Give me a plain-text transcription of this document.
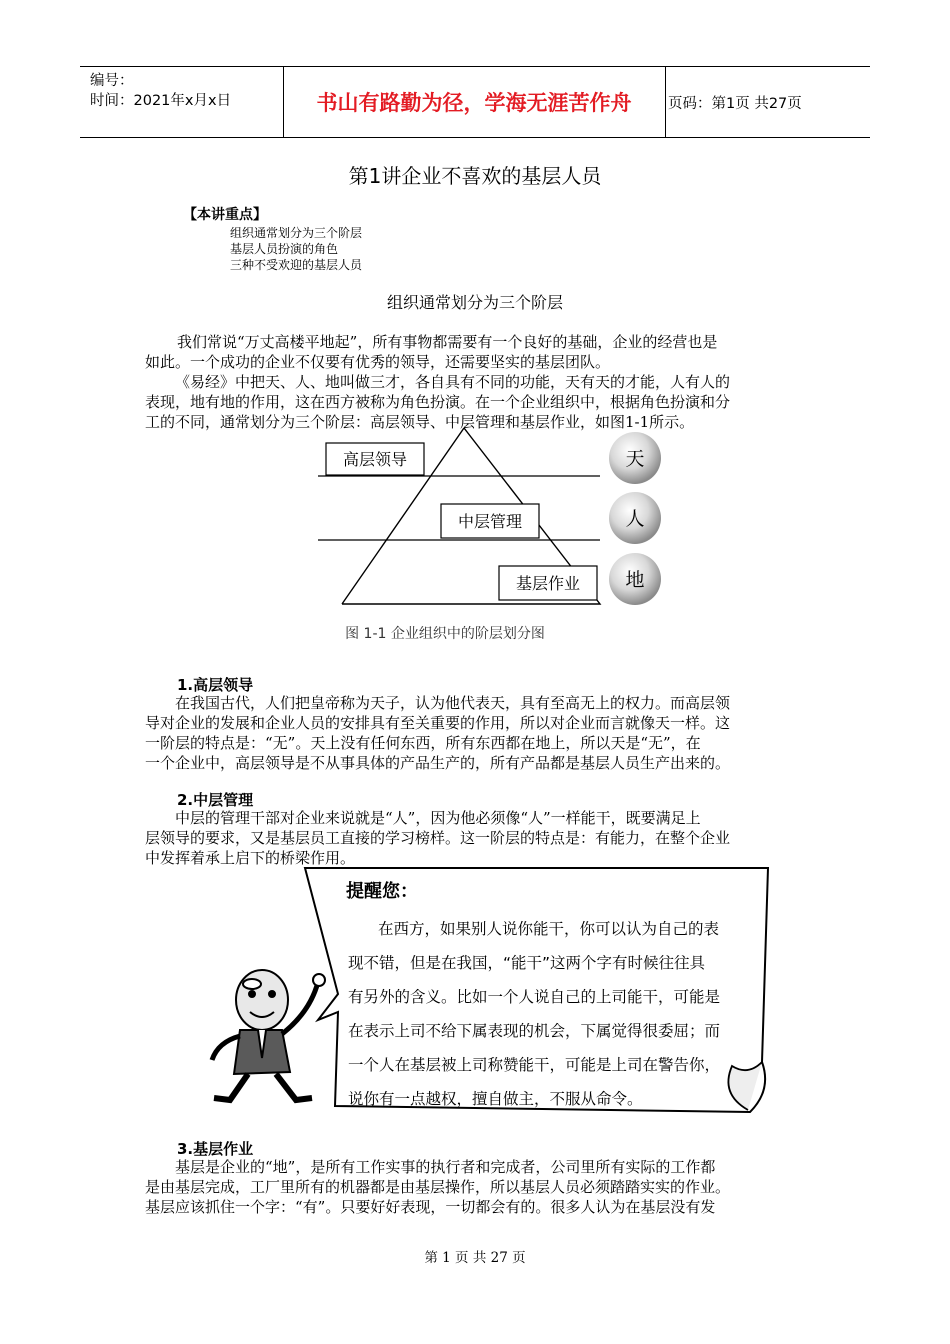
编号：
时间：2021年x月x日	书山有路勤为径，学海无涯苦作舟	页码：第1页 共27页
第1讲企业不喜欢的基层人员
【本讲重点】
组织通常划分为三个阶层
基层人员扮演的角色
三种不受欢迎的基层人员
组织通常划分为三个阶层
我们常说“万丈高楼平地起”，所有事物都需要有一个良好的基础，企业的经营也是
如此。一个成功的企业不仅要有优秀的领导，还需要坚实的基层团队。
《易经》中把天、人、地叫做三才，各自具有不同的功能，天有天的才能，人有人的
表现，地有地的作用，这在西方被称为角色扮演。在一个企业组织中，根据角色扮演和分
工的不同，通常划分为三个阶层：高层领导、中层管理和基层作业，如图1-1所示。
高层领导
中层管理
基层作业
天
人
地
图 1-1 企业组织中的阶层划分图
1.高层领导
在我国古代，人们把皇帝称为天子，认为他代表天，具有至高无上的权力。而高层领
导对企业的发展和企业人员的安排具有至关重要的作用，所以对企业而言就像天一样。这
一阶层的特点是：“无”。天上没有任何东西，所有东西都在地上，所以天是“无”，在
一个企业中，高层领导是不从事具体的产品生产的，所有产品都是基层人员生产出来的。
2.中层管理
中层的管理干部对企业来说就是“人”，因为他必须像“人”一样能干，既要满足上
层领导的要求，又是基层员工直接的学习榜样。这一阶层的特点是：有能力，在整个企业
中发挥着承上启下的桥梁作用。
提醒您：
在西方，如果别人说你能干，你可以认为自己的表
现不错，但是在我国，“能干”这两个字有时候往往具
有另外的含义。比如一个人说自己的上司能干，可能是
在表示上司不给下属表现的机会，下属觉得很委屈；而
一个人在基层被上司称赞能干，可能是上司在警告你，
说你有一点越权，擅自做主，不服从命令。
3.基层作业
基层是企业的“地”，是所有工作实事的执行者和完成者，公司里所有实际的工作都
是由基层完成，工厂里所有的机器都是由基层操作，所以基层人员必须踏踏实实的作业。
基层应该抓住一个字：“有”。只要好好表现，一切都会有的。很多人认为在基层没有发
第 1 页 共 27 页
